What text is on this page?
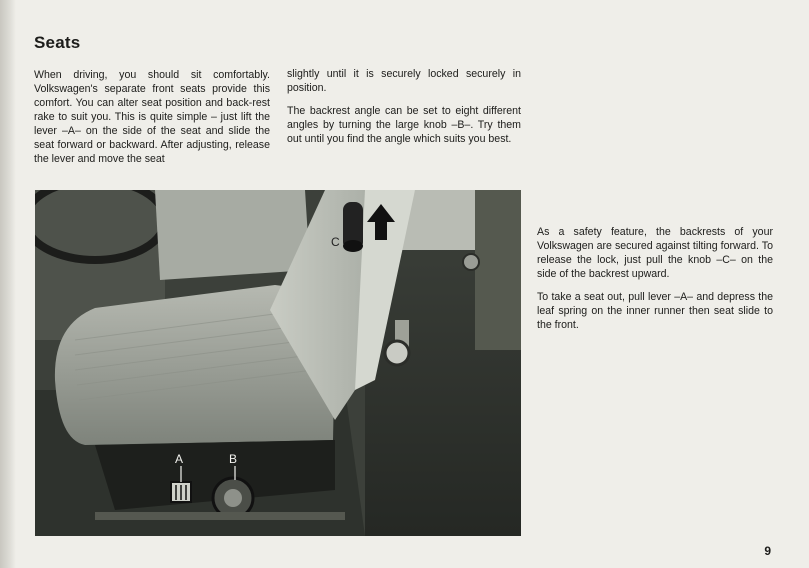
Seats

When driving, you should sit comfortably. Volkswagen's separate front seats provide this comfort. You can alter seat position and back-rest rake to suit you. This is quite simple – just lift the lever –A– on the side of the seat and slide the seat forward or backward. After adjusting, release the lever and move the seat

slightly until it is securely locked securely in position.

The backrest angle can be set to eight different angles by turning the large knob –B–. Try them out until you find the angle which suits you best.

As a safety feature, the backrests of your Volkswagen are secured against tilting forward. To release the lock, just pull the knob –C– on the side of the backrest upward.

To take a seat out, pull lever –A– and depress the leaf spring on the inner runner then seat slide to the front.

A	B
C
9
